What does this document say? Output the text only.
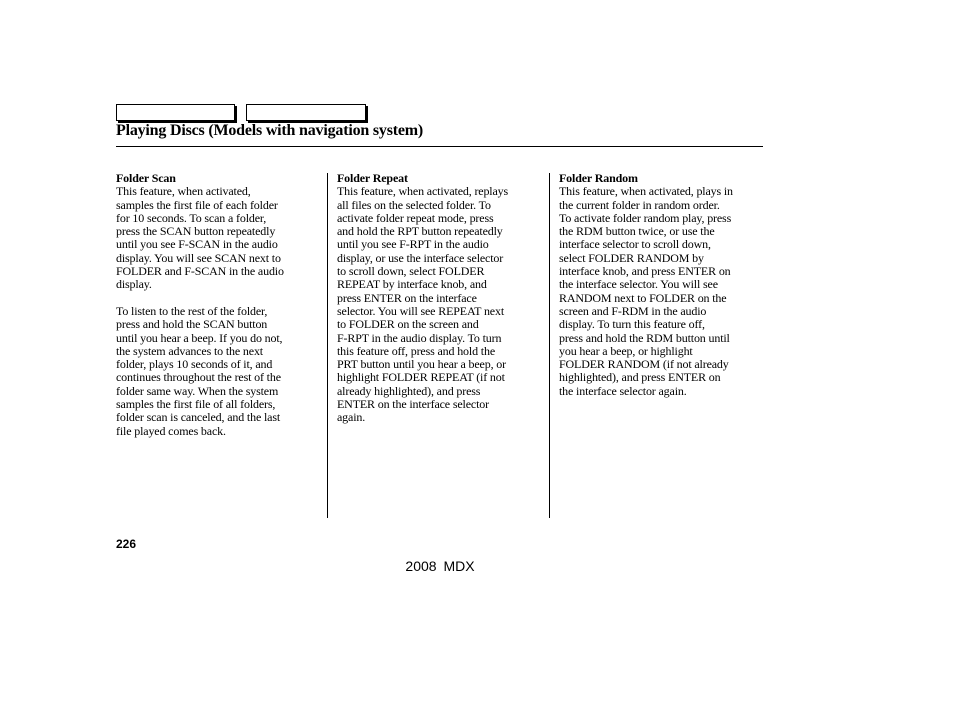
Playing Discs (Models with navigation system)
Folder Scan

This feature, when activated,
samples the first file of each folder
for 10 seconds. To scan a folder,
press the SCAN button repeatedly
until you see F-SCAN in the audio
display. You will see SCAN next to
FOLDER and F-SCAN in the audio
display.

To listen to the rest of the folder,
press and hold the SCAN button
until you hear a beep. If you do not,
the system advances to the next
folder, plays 10 seconds of it, and
continues throughout the rest of the
folder same way. When the system
samples the first file of all folders,
folder scan is canceled, and the last
file played comes back.

Folder Repeat

This feature, when activated, replays
all files on the selected folder. To
activate folder repeat mode, press
and hold the RPT button repeatedly
until you see F-RPT in the audio
display, or use the interface selector
to scroll down, select FOLDER
REPEAT by interface knob, and
press ENTER on the interface
selector. You will see REPEAT next
to FOLDER on the screen and
F-RPT in the audio display. To turn
this feature off, press and hold the
PRT button until you hear a beep, or
highlight FOLDER REPEAT (if not
already highlighted), and press
ENTER on the interface selector
again.

Folder Random

This feature, when activated, plays in
the current folder in random order.
To activate folder random play, press
the RDM button twice, or use the
interface selector to scroll down,
select FOLDER RANDOM by
interface knob, and press ENTER on
the interface selector. You will see
RANDOM next to FOLDER on the
screen and F-RDM in the audio
display. To turn this feature off,
press and hold the RDM button until
you hear a beep, or highlight
FOLDER RANDOM (if not already
highlighted), and press ENTER on
the interface selector again.

226
2008 MDX
